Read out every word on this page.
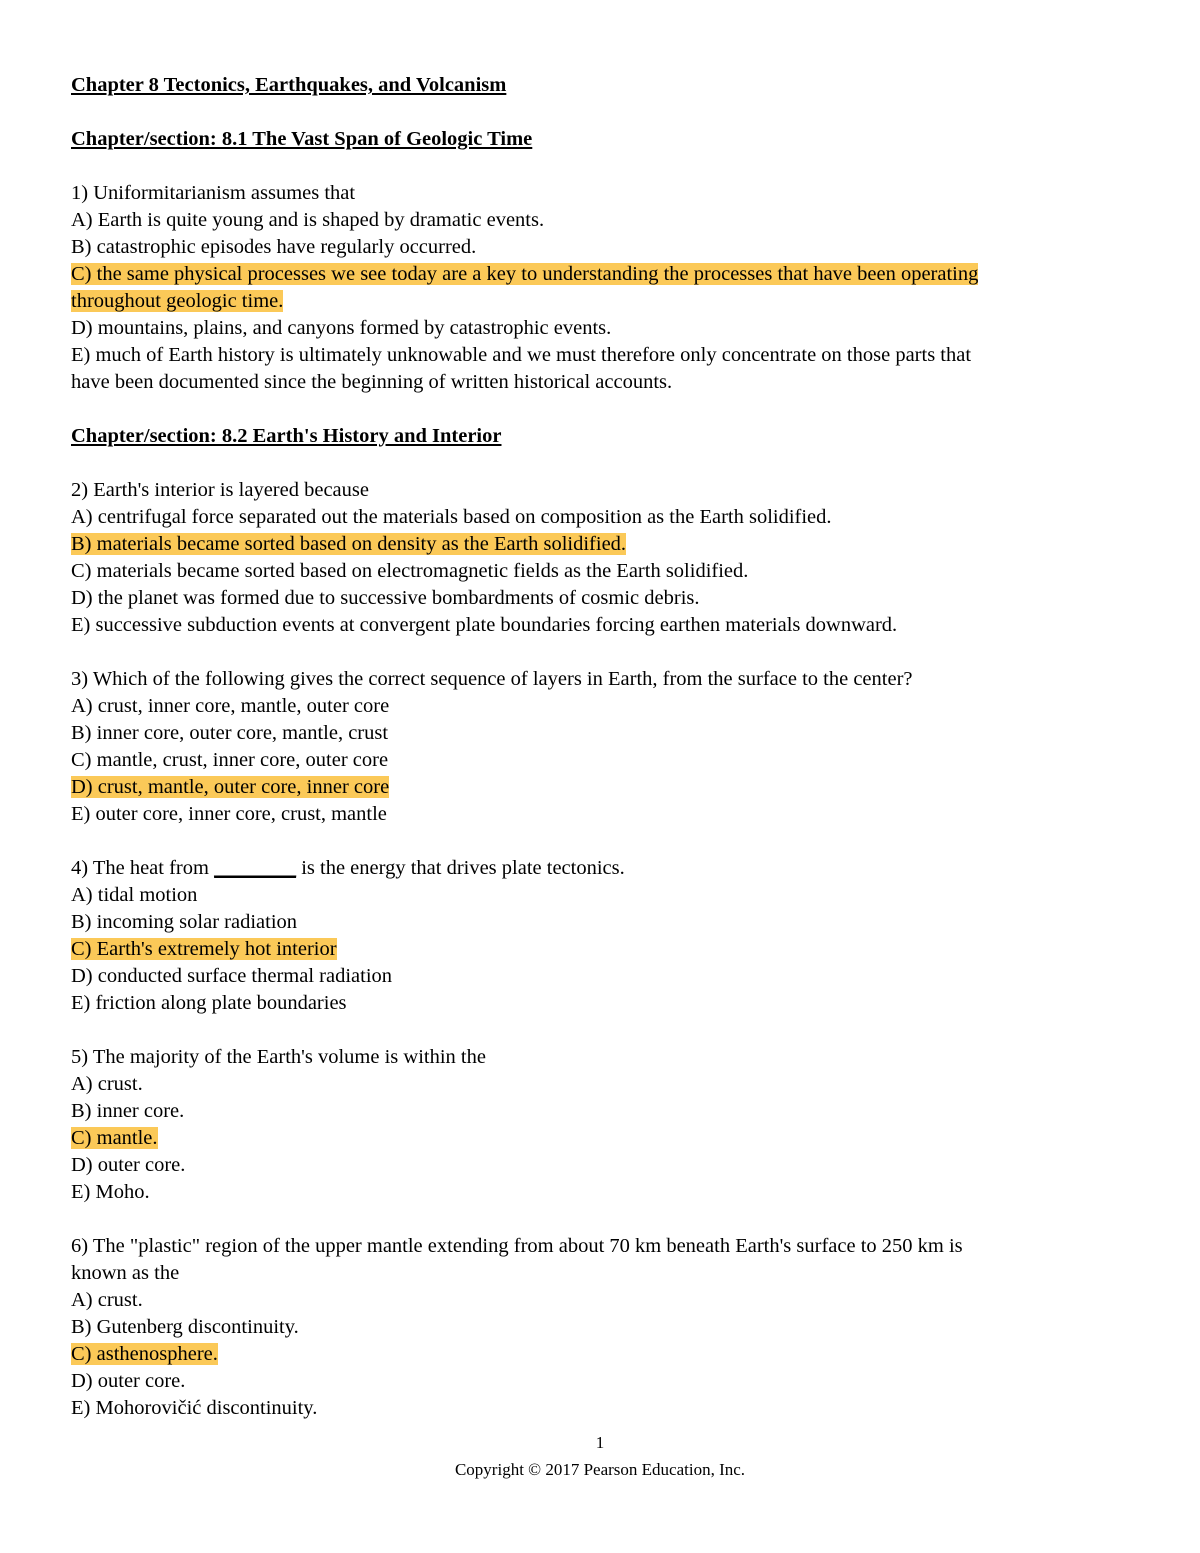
Chapter 8 Tectonics, Earthquakes, and Volcanism
Chapter/section: 8.1 The Vast Span of Geologic Time
1) Uniformitarianism assumes that
A) Earth is quite young and is shaped by dramatic events.
B) catastrophic episodes have regularly occurred.
C) the same physical processes we see today are a key to understanding the processes that have been operating
throughout geologic time.
D) mountains, plains, and canyons formed by catastrophic events.
E) much of Earth history is ultimately unknowable and we must therefore only concentrate on those parts that
have been documented since the beginning of written historical accounts.
Chapter/section: 8.2 Earth's History and Interior
2) Earth's interior is layered because
A) centrifugal force separated out the materials based on composition as the Earth solidified.
B) materials became sorted based on density as the Earth solidified.
C) materials became sorted based on electromagnetic fields as the Earth solidified.
D) the planet was formed due to successive bombardments of cosmic debris.
E) successive subduction events at convergent plate boundaries forcing earthen materials downward.
3) Which of the following gives the correct sequence of layers in Earth, from the surface to the center?
A) crust, inner core, mantle, outer core
B) inner core, outer core, mantle, crust
C) mantle, crust, inner core, outer core
D) crust, mantle, outer core, inner core
E) outer core, inner core, crust, mantle
4) The heat from ________ is the energy that drives plate tectonics.
A) tidal motion
B) incoming solar radiation
C) Earth's extremely hot interior
D) conducted surface thermal radiation
E) friction along plate boundaries
5) The majority of the Earth's volume is within the
A) crust.
B) inner core.
C) mantle.
D) outer core.
E) Moho.
6) The "plastic" region of the upper mantle extending from about 70 km beneath Earth's surface to 250 km is
known as the
A) crust.
B) Gutenberg discontinuity.
C) asthenosphere.
D) outer core.
E) Mohorovičić discontinuity.
1
Copyright © 2017 Pearson Education, Inc.
